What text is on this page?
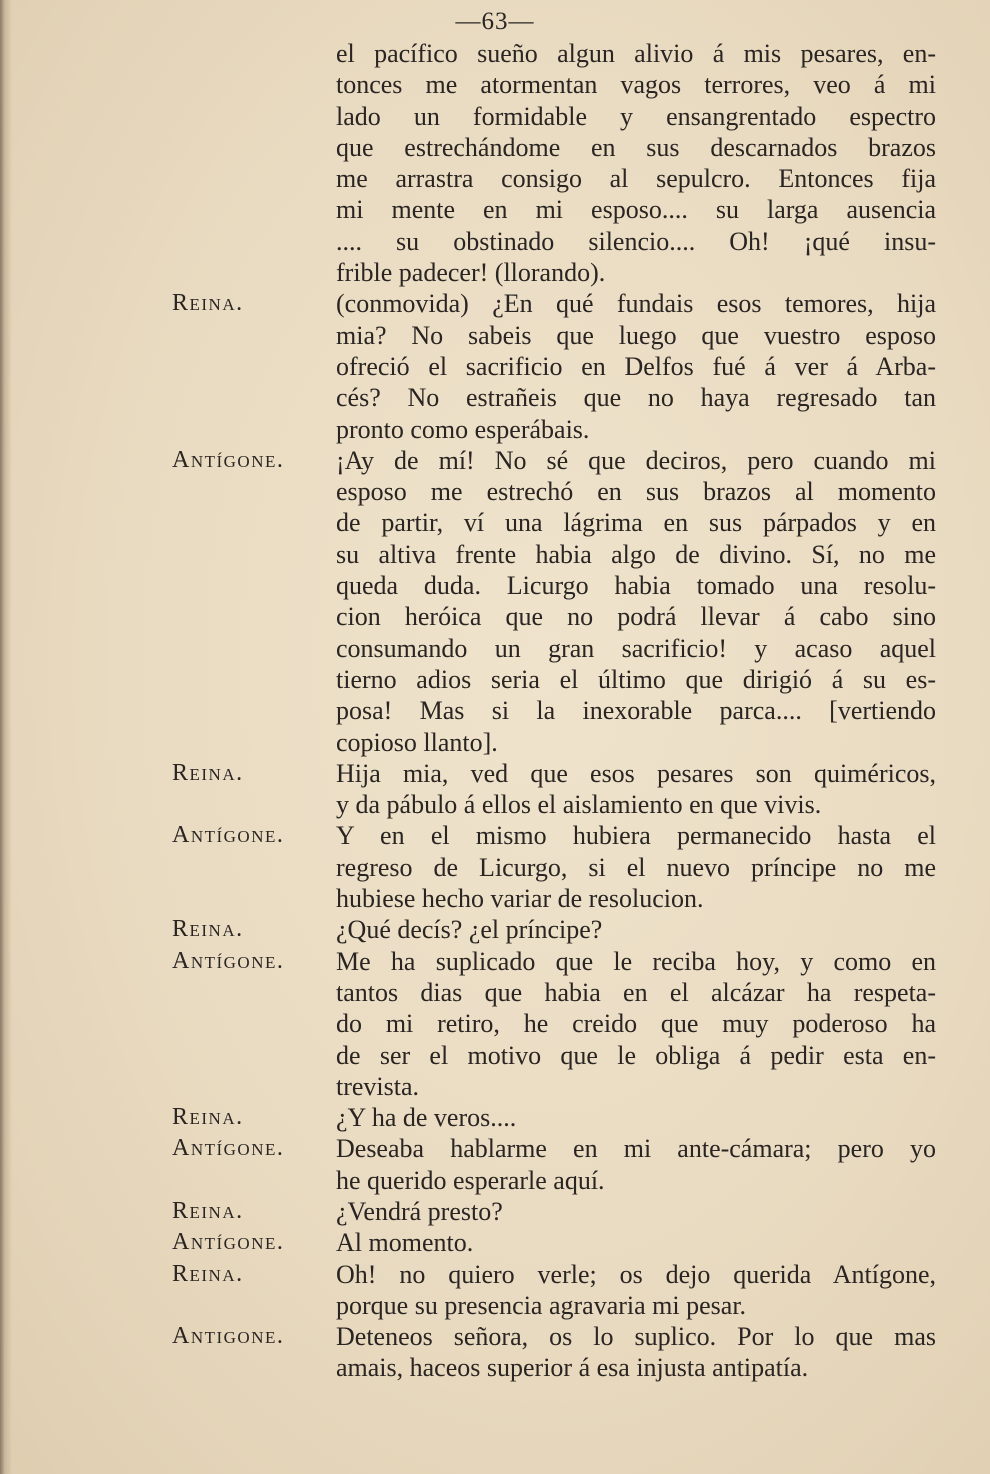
—63—
el pacífico sueño algun alivio á mis pesares, en-
tonces me atormentan vagos terrores, veo á mi
lado un formidable y ensangrentado espectro
que estrechándome en sus descarnados brazos
me arrastra consigo al sepulcro. Entonces fija
mi mente en mi esposo.... su larga ausencia
.... su obstinado silencio.... Oh! ¡qué insu-
frible padecer! (llorando).
Reina.	(conmovida) ¿En qué fundais esos temores, hija
mia? No sabeis que luego que vuestro esposo
ofreció el sacrificio en Delfos fué á ver á Arba-
cés? No estrañeis que no haya regresado tan
pronto como esperábais.
Antígone. ¡Ay de mí! No sé que deciros, pero cuando mi
esposo me estrechó en sus brazos al momento
de partir, ví una lágrima en sus párpados y en
su altiva frente habia algo de divino. Sí, no me
queda duda. Licurgo habia tomado una resolu-
cion heróica que no podrá llevar á cabo sino
consumando un gran sacrificio! y acaso aquel
tierno adios seria el último que dirigió á su es-
posa! Mas si la inexorable parca.... [vertiendo
copioso llanto].
Reina.	Hija mia, ved que esos pesares son quiméricos,
y da pábulo á ellos el aislamiento en que vivis.
Antígone. Y en el mismo hubiera permanecido hasta el
regreso de Licurgo, si el nuevo príncipe no me
hubiese hecho variar de resolucion.
Reina.	¿Qué decís? ¿el príncipe?
Antígone. Me ha suplicado que le reciba hoy, y como en
tantos dias que habia en el alcázar ha respeta-
do mi retiro, he creido que muy poderoso ha
de ser el motivo que le obliga á pedir esta en-
trevista.
Reina.	¿Y ha de veros....
Antígone. Deseaba hablarme en mi ante-cámara; pero yo
he querido esperarle aquí.
Reina.	¿Vendrá presto?
Antígone. Al momento.
Reina.	Oh! no quiero verle; os dejo querida Antígone,
porque su presencia agravaria mi pesar.
Antigone. Deteneos señora, os lo suplico. Por lo que mas
amais, haceos superior á esa injusta antipatía.
